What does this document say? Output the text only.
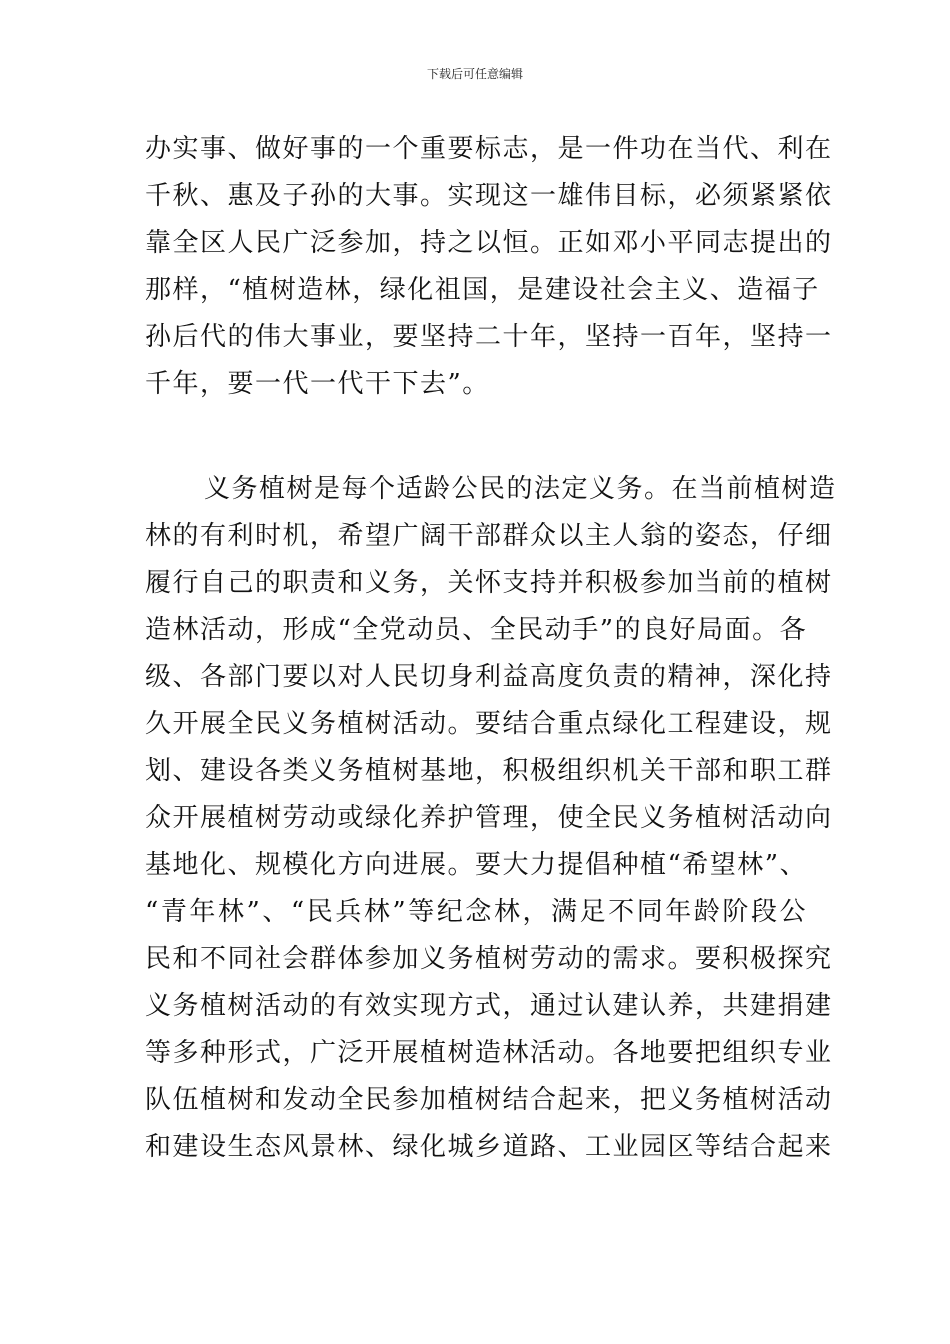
下载后可任意编辑
办实事、做好事的一个重要标志，是一件功在当代、利在
千秋、惠及子孙的大事。实现这一雄伟目标，必须紧紧依
靠全区人民广泛参加，持之以恒。正如邓小平同志提出的
那样，“植树造林，绿化祖国，是建设社会主义、造福子
孙后代的伟大事业，要坚持二十年，坚持一百年，坚持一
千年，要一代一代干下去”。
义务植树是每个适龄公民的法定义务。在当前植树造
林的有利时机，希望广阔干部群众以主人翁的姿态，仔细
履行自己的职责和义务，关怀支持并积极参加当前的植树
造林活动，形成“全党动员、全民动手”的良好局面。各
级、各部门要以对人民切身利益高度负责的精神，深化持
久开展全民义务植树活动。要结合重点绿化工程建设，规
划、建设各类义务植树基地，积极组织机关干部和职工群
众开展植树劳动或绿化养护管理，使全民义务植树活动向
基地化、规模化方向进展。要大力提倡种植“希望林”、
“青年林”、“民兵林”等纪念林，满足不同年龄阶段公
民和不同社会群体参加义务植树劳动的需求。要积极探究
义务植树活动的有效实现方式，通过认建认养，共建捐建
等多种形式，广泛开展植树造林活动。各地要把组织专业
队伍植树和发动全民参加植树结合起来，把义务植树活动
和建设生态风景林、绿化城乡道路、工业园区等结合起来
